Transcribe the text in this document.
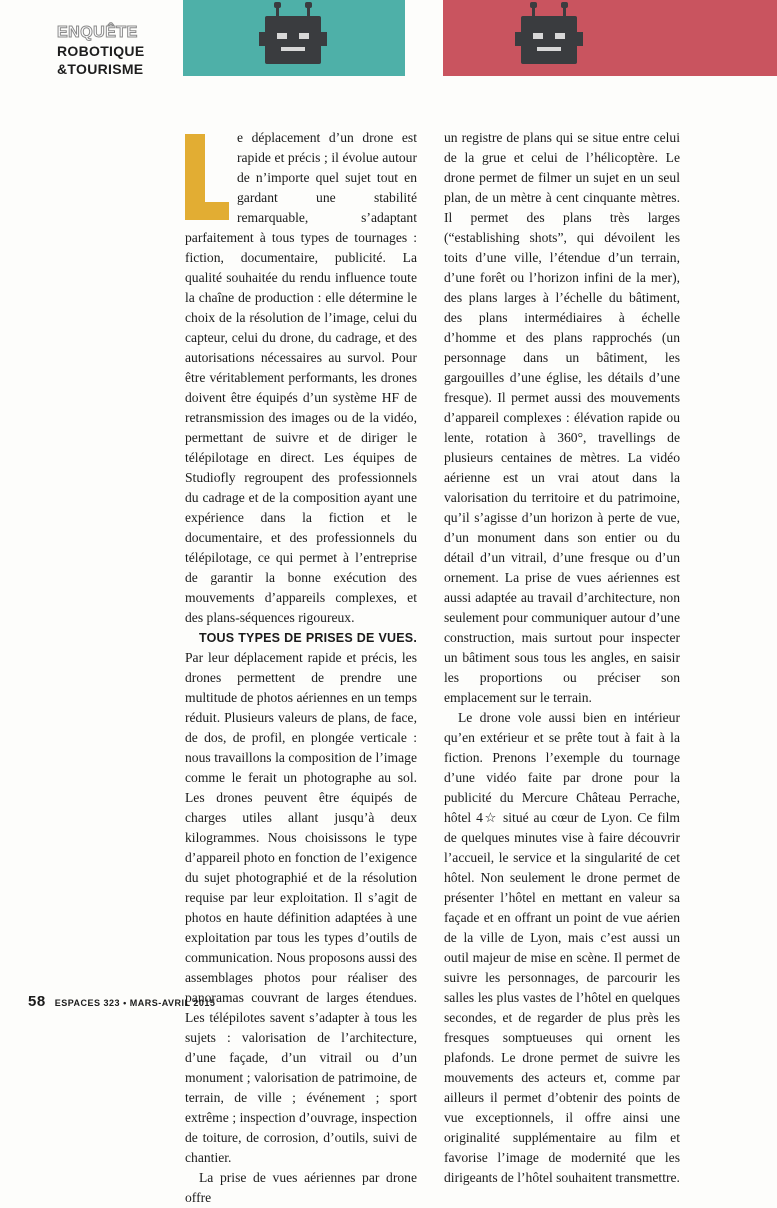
ENQUÊTE
ROBOTIQUE
&TOURISME

e déplacement d’un drone est rapide et précis ; il évolue autour de n’importe quel sujet tout en gardant une stabilité remarquable, s’adaptant parfaitement à tous types de tournages : fiction, documentaire, publicité. La qualité souhaitée du rendu influence toute la chaîne de production : elle détermine le choix de la résolution de l’image, celui du capteur, celui du drone, du cadrage, et des autorisations nécessaires au survol. Pour être véritablement performants, les drones doivent être équipés d’un système HF de retransmission des images ou de la vidéo, permettant de suivre et de diriger le télépilotage en direct. Les équipes de Studiofly regroupent des professionnels du cadrage et de la composition ayant une expérience dans la fiction et le documentaire, et des professionnels du télépilotage, ce qui permet à l’entreprise de garantir la bonne exécution des mouvements d’appareils complexes, et des plans-séquences rigoureux.

TOUS TYPES DE PRISES DE VUES. Par leur déplacement rapide et précis, les drones permettent de prendre une multitude de photos aériennes en un temps réduit. Plusieurs valeurs de plans, de face, de dos, de profil, en plongée verticale : nous travaillons la composition de l’image comme le ferait un photographe au sol. Les drones peuvent être équipés de charges utiles allant jusqu’à deux kilogrammes. Nous choisissons le type d’appareil photo en fonction de l’exigence du sujet photographié et de la résolution requise par leur exploitation. Il s’agit de photos en haute définition adaptées à une exploitation par tous les types d’outils de communication. Nous proposons aussi des assemblages photos pour réaliser des panoramas couvrant de larges étendues. Les télépilotes savent s’adapter à tous les sujets : valorisation de l’architecture, d’une façade, d’un vitrail ou d’un monument ; valorisation de patrimoine, de terrain, de ville ; événement ; sport extrême ; inspection d’ouvrage, inspection de toiture, de corrosion, d’outils, suivi de chantier.

La prise de vues aériennes par drone offre

un registre de plans qui se situe entre celui de la grue et celui de l’hélicoptère. Le drone permet de filmer un sujet en un seul plan, de un mètre à cent cinquante mètres. Il permet des plans très larges (“establishing shots”, qui dévoilent les toits d’une ville, l’étendue d’un terrain, d’une forêt ou l’horizon infini de la mer), des plans larges à l’échelle du bâtiment, des plans intermédiaires à échelle d’homme et des plans rapprochés (un personnage dans un bâtiment, les gargouilles d’une église, les détails d’une fresque). Il permet aussi des mouvements d’appareil complexes : élévation rapide ou lente, rotation à 360°, travellings de plusieurs centaines de mètres. La vidéo aérienne est un vrai atout dans la valorisation du territoire et du patrimoine, qu’il s’agisse d’un horizon à perte de vue, d’un monument dans son entier ou du détail d’un vitrail, d’une fresque ou d’un ornement. La prise de vues aériennes est aussi adaptée au travail d’architecture, non seulement pour communiquer autour d’une construction, mais surtout pour inspecter un bâtiment sous tous les angles, en saisir les proportions ou préciser son emplacement sur le terrain.

Le drone vole aussi bien en intérieur qu’en extérieur et se prête tout à fait à la fiction. Prenons l’exemple du tournage d’une vidéo faite par drone pour la publicité du Mercure Château Perrache, hôtel 4☆ situé au cœur de Lyon. Ce film de quelques minutes vise à faire découvrir l’accueil, le service et la singularité de cet hôtel. Non seulement le drone permet de présenter l’hôtel en mettant en valeur sa façade et en offrant un point de vue aérien de la ville de Lyon, mais c’est aussi un outil majeur de mise en scène. Il permet de suivre les personnages, de parcourir les salles les plus vastes de l’hôtel en quelques secondes, et de regarder de plus près les fresques somptueuses qui ornent les plafonds. Le drone permet de suivre les mouvements des acteurs et, comme par ailleurs il permet d’obtenir des points de vue exceptionnels, il offre ainsi une originalité supplémentaire au film et favorise l’image de modernité que les dirigeants de l’hôtel souhaitent transmettre.

58 ESPACES 323 • MARS-AVRIL 2015
